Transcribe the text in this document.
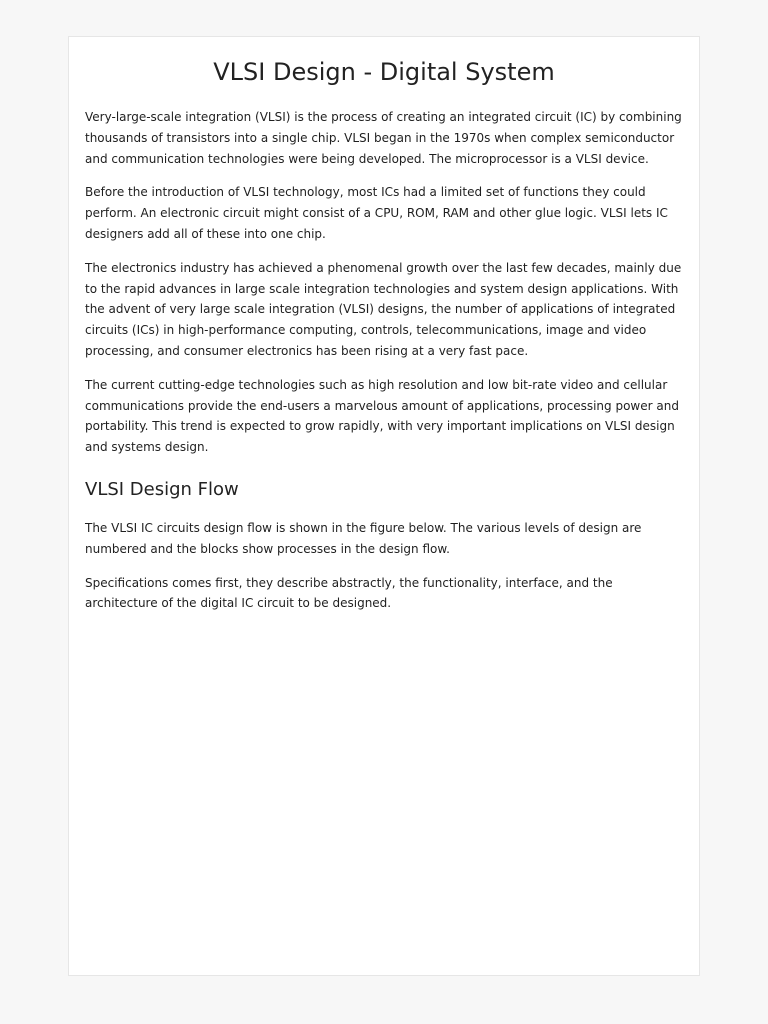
VLSI Design - Digital System

Very-large-scale integration (VLSI) is the process of creating an integrated circuit (IC) by combining thousands of transistors into a single chip. VLSI began in the 1970s when complex semiconductor and communication technologies were being developed. The microprocessor is a VLSI device.

Before the introduction of VLSI technology, most ICs had a limited set of functions they could perform. An electronic circuit might consist of a CPU, ROM, RAM and other glue logic. VLSI lets IC designers add all of these into one chip.

The electronics industry has achieved a phenomenal growth over the last few decades, mainly due to the rapid advances in large scale integration technologies and system design applications. With the advent of very large scale integration (VLSI) designs, the number of applications of integrated circuits (ICs) in high-performance computing, controls, telecommunications, image and video processing, and consumer electronics has been rising at a very fast pace.

The current cutting-edge technologies such as high resolution and low bit-rate video and cellular communications provide the end-users a marvelous amount of applications, processing power and portability. This trend is expected to grow rapidly, with very important implications on VLSI design and systems design.

VLSI Design Flow

The VLSI IC circuits design flow is shown in the figure below. The various levels of design are numbered and the blocks show processes in the design flow.

Specifications comes first, they describe abstractly, the functionality, interface, and the architecture of the digital IC circuit to be designed.
